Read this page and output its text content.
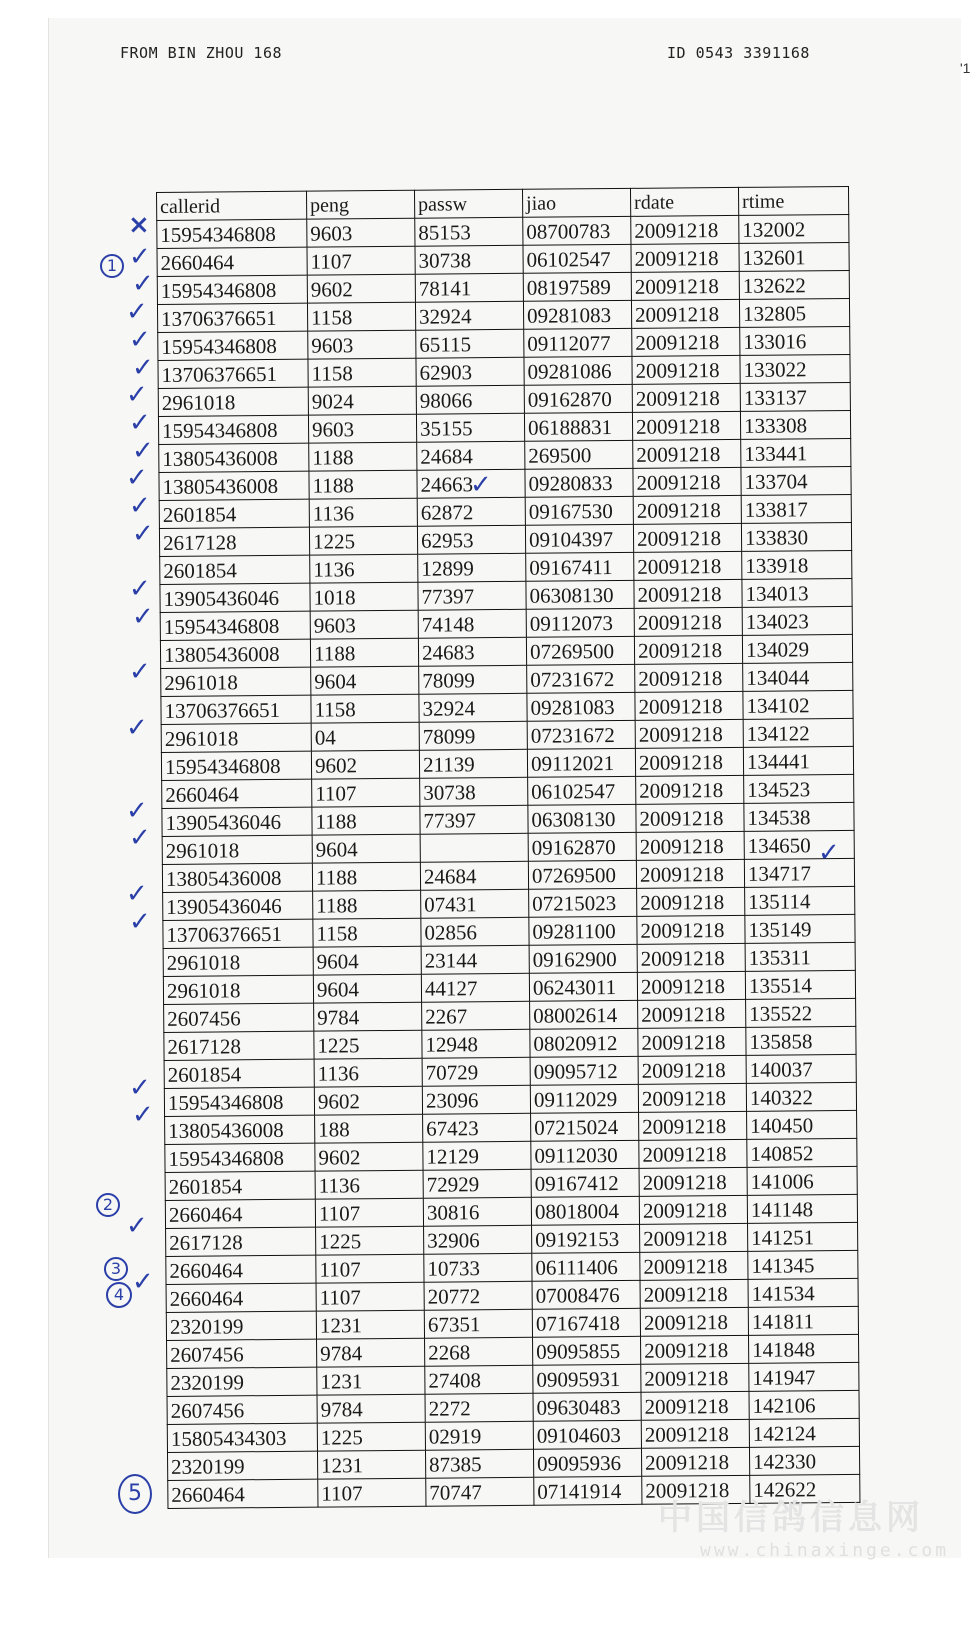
FROM BIN ZHOU 168	ID 0543 3391168
'1
callerid	peng	passw	jiao	rdate	rtime
15954346808	9603	85153	08700783	20091218	132002
2660464	1107	30738	06102547	20091218	132601
15954346808	9602	78141	08197589	20091218	132622
13706376651	1158	32924	09281083	20091218	132805
15954346808	9603	65115	09112077	20091218	133016
13706376651	1158	62903	09281086	20091218	133022
2961018	9024	98066	09162870	20091218	133137
15954346808	9603	35155	06188831	20091218	133308
13805436008	1188	24684	269500	20091218	133441
13805436008	1188	24663	09280833	20091218	133704
2601854	1136	62872	09167530	20091218	133817
2617128	1225	62953	09104397	20091218	133830
2601854	1136	12899	09167411	20091218	133918
13905436046	1018	77397	06308130	20091218	134013
15954346808	9603	74148	09112073	20091218	134023
13805436008	1188	24683	07269500	20091218	134029
2961018	9604	78099	07231672	20091218	134044
13706376651	1158	32924	09281083	20091218	134102
2961018	04	78099	07231672	20091218	134122
15954346808	9602	21139	09112021	20091218	134441
2660464	1107	30738	06102547	20091218	134523
13905436046	1188	77397	06308130	20091218	134538
2961018	9604		09162870	20091218	134650
13805436008	1188	24684	07269500	20091218	134717
13905436046	1188	07431	07215023	20091218	135114
13706376651	1158	02856	09281100	20091218	135149
2961018	9604	23144	09162900	20091218	135311
2961018	9604	44127	06243011	20091218	135514
2607456	9784	2267	08002614	20091218	135522
2617128	1225	12948	08020912	20091218	135858
2601854	1136	70729	09095712	20091218	140037
15954346808	9602	23096	09112029	20091218	140322
13805436008	188	67423	07215024	20091218	140450
15954346808	9602	12129	09112030	20091218	140852
2601854	1136	72929	09167412	20091218	141006
2660464	1107	30816	08018004	20091218	141148
2617128	1225	32906	09192153	20091218	141251
2660464	1107	10733	06111406	20091218	141345
2660464	1107	20772	07008476	20091218	141534
2320199	1231	67351	07167418	20091218	141811
2607456	9784	2268	09095855	20091218	141848
2320199	1231	27408	09095931	20091218	141947
2607456	9784	2272	09630483	20091218	142106
15805434303	1225	02919	09104603	20091218	142124
2320199	1231	87385	09095936	20091218	142330
2660464	1107	70747	07141914	20091218	142622
1
×
2
3
4
5
✓
✓
中国信鸽信息网
www.chinaxinge.com
✓
✓
✓
✓
✓
✓
✓
✓
✓
✓
✓
✓
✓
✓
✓
✓
✓
✓
✓
✓
✓
✓
✓
